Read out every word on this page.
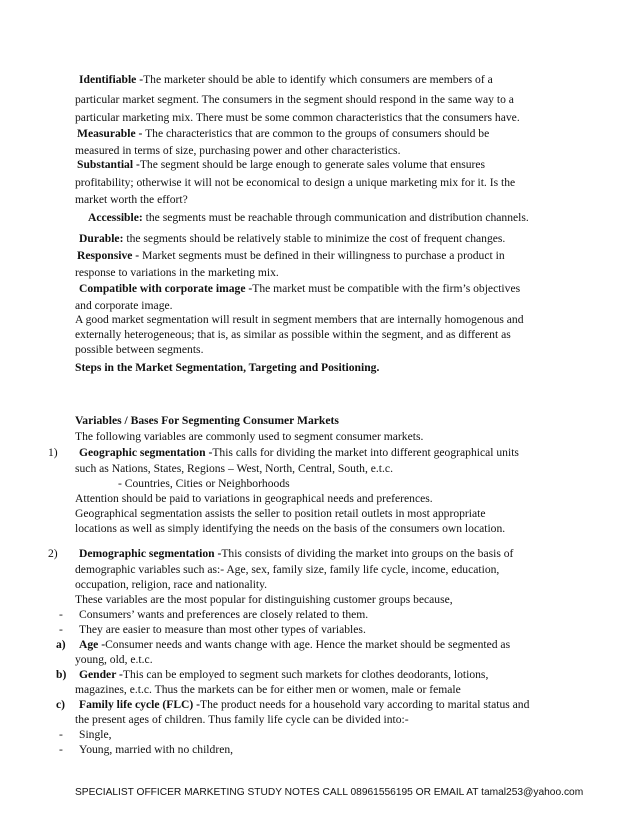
Identifiable -The marketer should be able to identify which consumers are members of a
particular market segment. The consumers in the segment should respond in the same way to a
particular marketing mix. There must be some common characteristics that the consumers have.
Measurable - The characteristics that are common to the groups of consumers should be
measured in terms of size, purchasing power and other characteristics.
Substantial -The segment should be large enough to generate sales volume that ensures
profitability; otherwise it will not be economical to design a unique marketing mix for it. Is the
market worth the effort?
Accessible: the segments must be reachable through communication and distribution channels.
Durable: the segments should be relatively stable to minimize the cost of frequent changes.
Responsive - Market segments must be defined in their willingness to purchase a product in
response to variations in the marketing mix.
Compatible with corporate image -The market must be compatible with the firm’s objectives
and corporate image.
A good market segmentation will result in segment members that are internally homogenous and
externally heterogeneous; that is, as similar as possible within the segment, and as different as
possible between segments.
Steps in the Market Segmentation, Targeting and Positioning.
Variables / Bases For Segmenting Consumer Markets
The following variables are commonly used to segment consumer markets.
1) Geographic segmentation -This calls for dividing the market into different geographical units
such as Nations, States, Regions – West, North, Central, South, e.t.c.
- Countries, Cities or Neighborhoods
Attention should be paid to variations in geographical needs and preferences.
Geographical segmentation assists the seller to position retail outlets in most appropriate
locations as well as simply identifying the needs on the basis of the consumers own location.
2) Demographic segmentation -This consists of dividing the market into groups on the basis of
demographic variables such as:- Age, sex, family size, family life cycle, income, education,
occupation, religion, race and nationality.
These variables are the most popular for distinguishing customer groups because,
- Consumers’ wants and preferences are closely related to them.
- They are easier to measure than most other types of variables.
a) Age -Consumer needs and wants change with age. Hence the market should be segmented as
young, old, e.t.c.
b) Gender -This can be employed to segment such markets for clothes deodorants, lotions,
magazines, e.t.c. Thus the markets can be for either men or women, male or female
c) Family life cycle (FLC) -The product needs for a household vary according to marital status and
the present ages of children. Thus family life cycle can be divided into:-
- Single,
- Young, married with no children,
SPECIALIST OFFICER MARKETING STUDY NOTES CALL 08961556195 OR EMAIL AT tamal253@yahoo.com
